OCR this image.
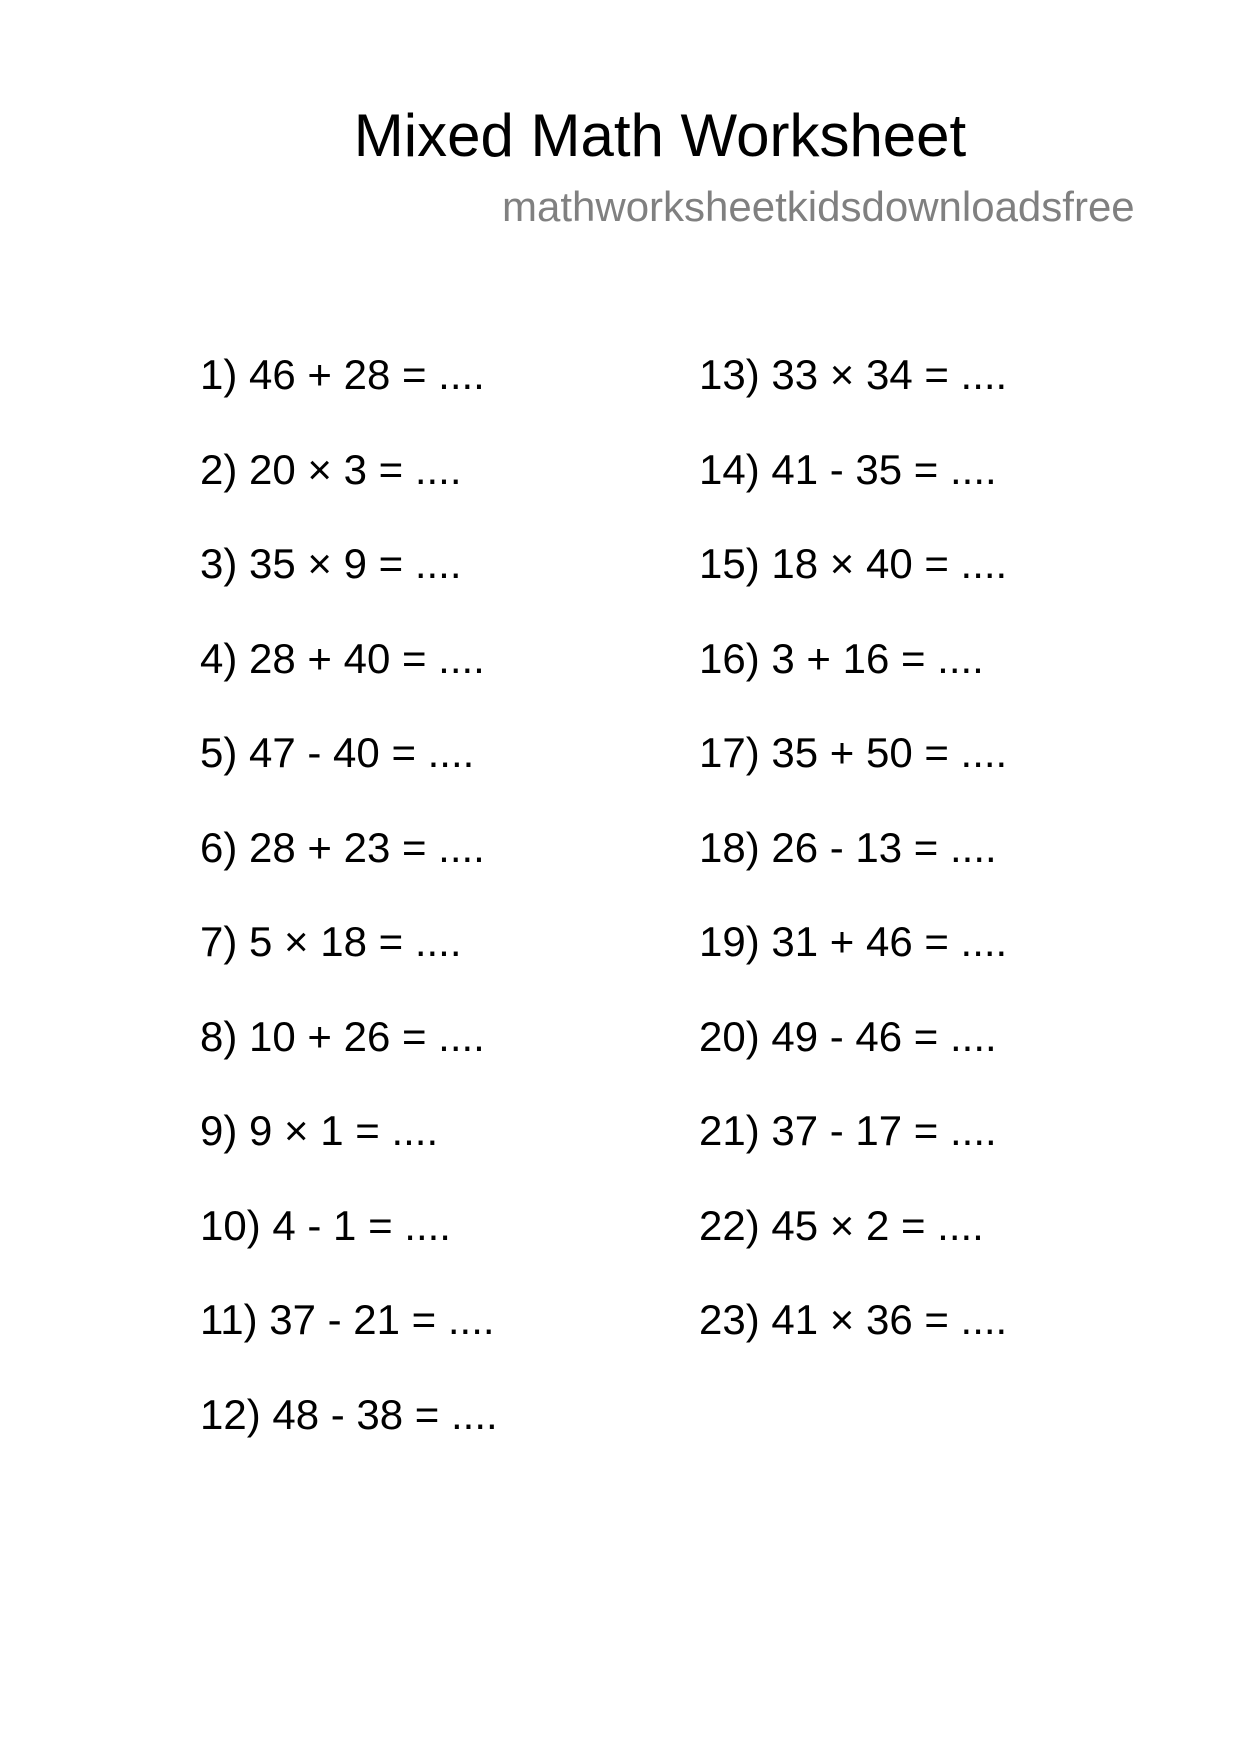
Mixed Math Worksheet
mathworksheetkidsdownloadsfree
1) 46 + 28 = ....
2) 20 × 3 = ....
3) 35 × 9 = ....
4) 28 + 40 = ....
5) 47 - 40 = ....
6) 28 + 23 = ....
7) 5 × 18 = ....
8) 10 + 26 = ....
9) 9 × 1 = ....
10) 4 - 1 = ....
11) 37 - 21 = ....
12) 48 - 38 = ....
13) 33 × 34 = ....
14) 41 - 35 = ....
15) 18 × 40 = ....
16) 3 + 16 = ....
17) 35 + 50 = ....
18) 26 - 13 = ....
19) 31 + 46 = ....
20) 49 - 46 = ....
21) 37 - 17 = ....
22) 45 × 2 = ....
23) 41 × 36 = ....
